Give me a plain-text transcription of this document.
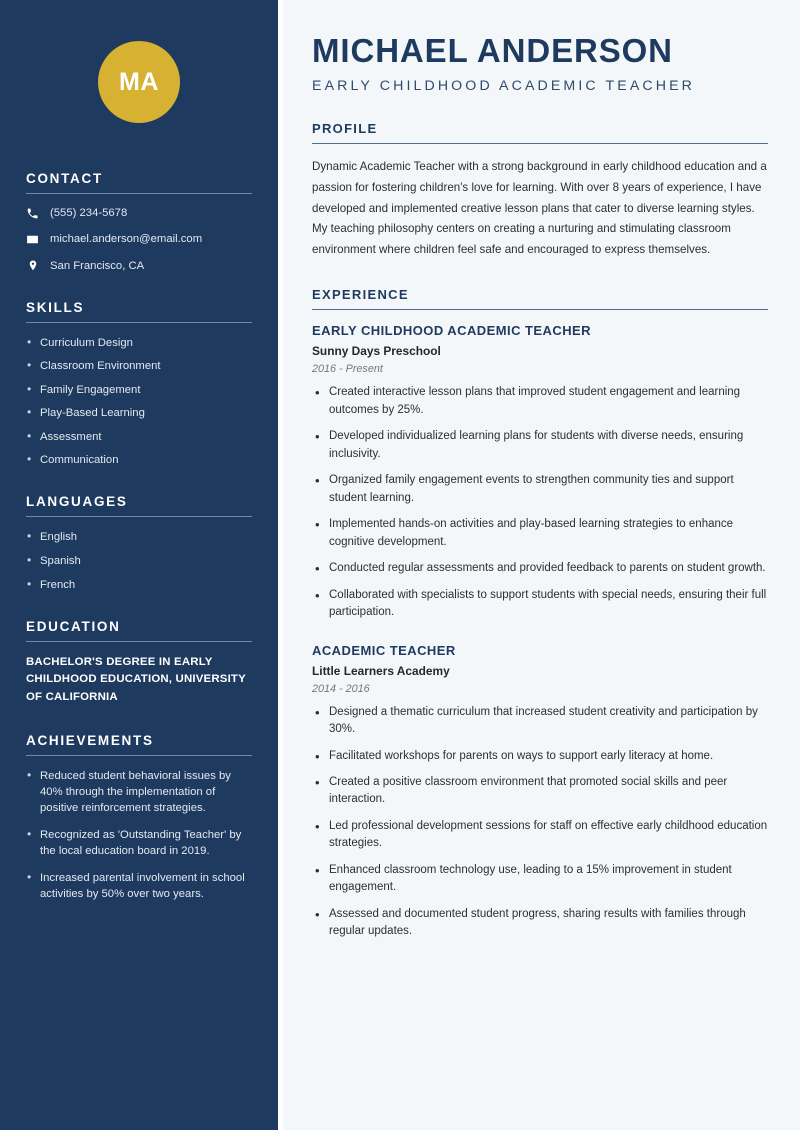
MA
CONTACT
(555) 234-5678
michael.anderson@email.com
San Francisco, CA
SKILLS
• Curriculum Design
• Classroom Environment
• Family Engagement
• Play-Based Learning
• Assessment
• Communication
LANGUAGES
• English
• Spanish
• French
EDUCATION
BACHELOR'S DEGREE IN EARLY CHILDHOOD EDUCATION, UNIVERSITY OF CALIFORNIA
ACHIEVEMENTS
• Reduced student behavioral issues by 40% through the implementation of positive reinforcement strategies.
• Recognized as 'Outstanding Teacher' by the local education board in 2019.
• Increased parental involvement in school activities by 50% over two years.
MICHAEL ANDERSON
EARLY CHILDHOOD ACADEMIC TEACHER
PROFILE

Dynamic Academic Teacher with a strong background in early childhood education and a passion for fostering children's love for learning. With over 8 years of experience, I have developed and implemented creative lesson plans that cater to diverse learning styles. My teaching philosophy centers on creating a nurturing and stimulating classroom environment where children feel safe and encouraged to express themselves.

EXPERIENCE
EARLY CHILDHOOD ACADEMIC TEACHER
Sunny Days Preschool
2016 - Present
• Created interactive lesson plans that improved student engagement and learning outcomes by 25%.
• Developed individualized learning plans for students with diverse needs, ensuring inclusivity.
• Organized family engagement events to strengthen community ties and support student learning.
• Implemented hands-on activities and play-based learning strategies to enhance cognitive development.
• Conducted regular assessments and provided feedback to parents on student growth.
• Collaborated with specialists to support students with special needs, ensuring their full participation.
ACADEMIC TEACHER
Little Learners Academy
2014 - 2016
• Designed a thematic curriculum that increased student creativity and participation by 30%.
• Facilitated workshops for parents on ways to support early literacy at home.
• Created a positive classroom environment that promoted social skills and peer interaction.
• Led professional development sessions for staff on effective early childhood education strategies.
• Enhanced classroom technology use, leading to a 15% improvement in student engagement.
• Assessed and documented student progress, sharing results with families through regular updates.
